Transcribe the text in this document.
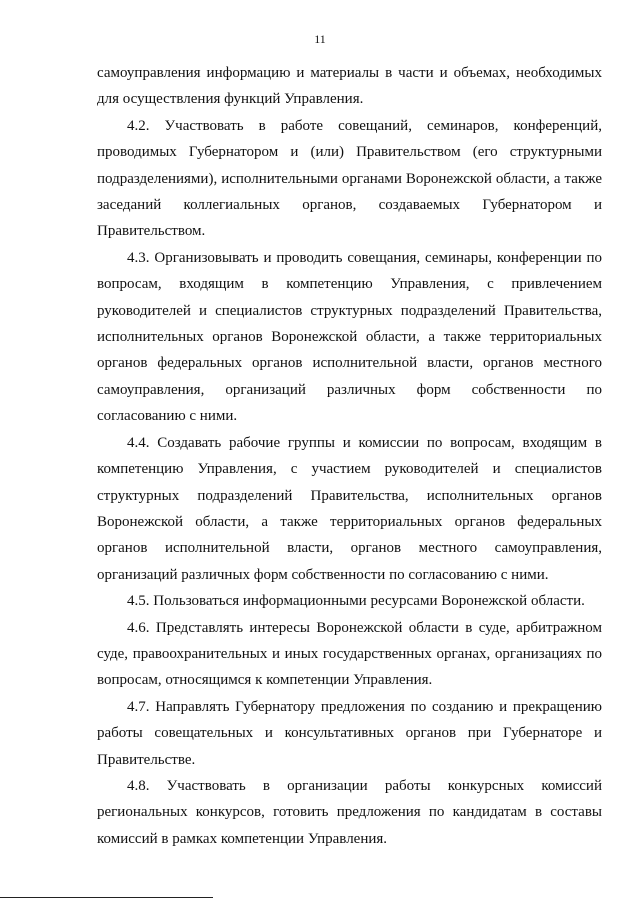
11

самоуправления информацию и материалы в части и объемах, необходимых для осуществления функций Управления.

4.2. Участвовать в работе совещаний, семинаров, конференций, проводимых Губернатором и (или) Правительством (его структурными подразделениями), исполнительными органами Воронежской области, а также заседаний коллегиальных органов, создаваемых Губернатором и Правительством.

4.3. Организовывать и проводить совещания, семинары, конференции по вопросам, входящим в компетенцию Управления, с привлечением руководителей и специалистов структурных подразделений Правительства, исполнительных органов Воронежской области, а также территориальных органов федеральных органов исполнительной власти, органов местного самоуправления, организаций различных форм собственности по согласованию с ними.

4.4. Создавать рабочие группы и комиссии по вопросам, входящим в компетенцию Управления, с участием руководителей и специалистов структурных подразделений Правительства, исполнительных органов Воронежской области, а также территориальных органов федеральных органов исполнительной власти, органов местного самоуправления, организаций различных форм собственности по согласованию с ними.

4.5. Пользоваться информационными ресурсами Воронежской области.

4.6. Представлять интересы Воронежской области в суде, арбитражном суде, правоохранительных и иных государственных органах, организациях по вопросам, относящимся к компетенции Управления.

4.7. Направлять Губернатору предложения по созданию и прекращению работы совещательных и консультативных органов при Губернаторе и Правительстве.

4.8. Участвовать в организации работы конкурсных комиссий региональных конкурсов, готовить предложения по кандидатам в составы комиссий в рамках компетенции Управления.
